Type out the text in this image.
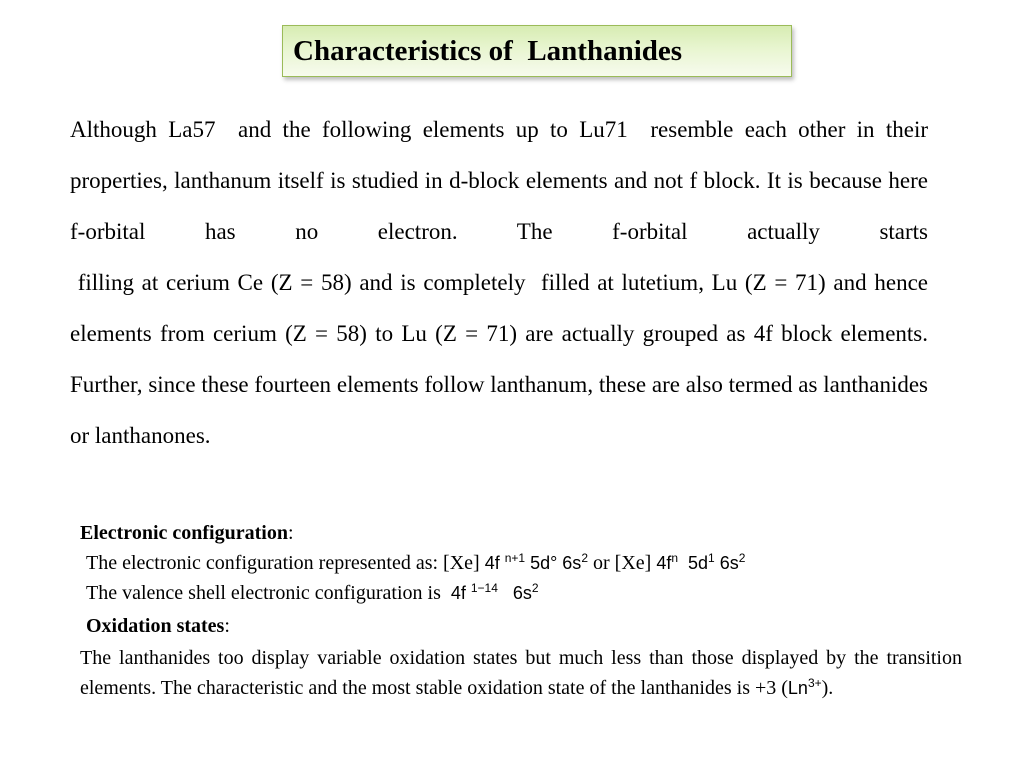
Characteristics of  Lanthanides

Although La57  and the following elements up to Lu71  resemble each other in their properties, lanthanum itself is studied in d-block elements and not f block. It is because here f-orbital has no electron. The f-orbital actually starts  filling at cerium Ce (Z = 58) and is completely  filled at lutetium, Lu (Z = 71) and hence elements from cerium (Z = 58) to Lu (Z = 71) are actually grouped as 4f block elements. Further, since these fourteen elements follow lanthanum, these are also termed as lanthanides or lanthanones.

Electronic configuration:

The electronic configuration represented as: [Xe] 4f $^{n+1}$ 5d° $6s^2$ or [Xe] $4f^n$  $5d^1$ $6s^2$

The valence shell electronic configuration is  4f $^{1-14}$   $6s^2$

Oxidation states:

The lanthanides too display variable oxidation states but much less than those displayed by the transition elements. The characteristic and the most stable oxidation state of the lanthanides is +3 $(Ln^{3+})$.
